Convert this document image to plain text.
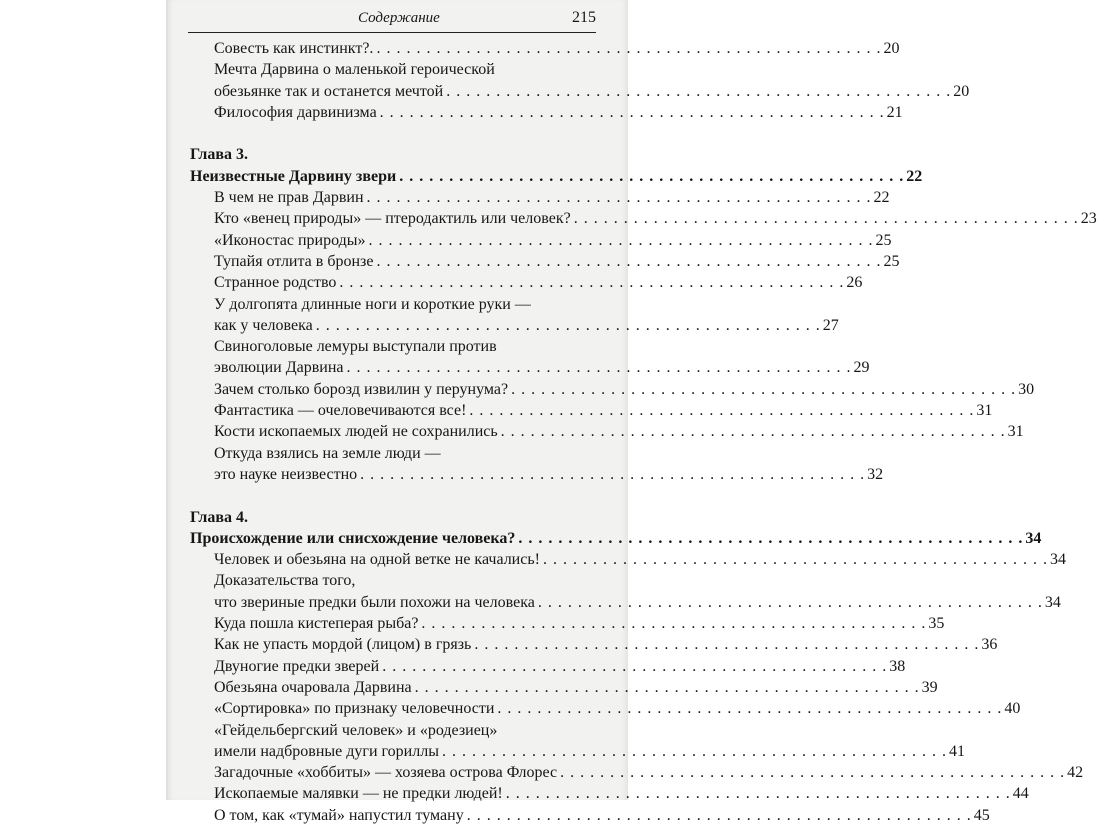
Содержание	215
Совесть как инстинкт?. . . . . . . . . . . . . . . . . . . . . . . . . . . . . . . . . . . . . . . . . . . . . . . . . . . . 20
Мечта Дарвина о маленькой героической
обезьянке так и останется мечтой . . . . . . . . . . . . . . . . . . . . . . . . . . . . . . . . . . . . . . . . . . . . . . . . . . . 20
Философия дарвинизма . . . . . . . . . . . . . . . . . . . . . . . . . . . . . . . . . . . . . . . . . . . . . . . . . . . 21
Глава 3.
Неизвестные Дарвину звери . . . . . . . . . . . . . . . . . . . . . . . . . . . . . . . . . . . . . . . . . . . . . . . . . . . 22
В чем не прав Дарвин . . . . . . . . . . . . . . . . . . . . . . . . . . . . . . . . . . . . . . . . . . . . . . . . . . . 22
Кто «венец природы» — птеродактиль или человек? . . . . . . . . . . . . . . . . . . . . . . . . . . . . . . . . . . . . . . . . . . . . . . . . . . . 23
«Иконостас природы» . . . . . . . . . . . . . . . . . . . . . . . . . . . . . . . . . . . . . . . . . . . . . . . . . . . 25
Тупайя отлита в бронзе . . . . . . . . . . . . . . . . . . . . . . . . . . . . . . . . . . . . . . . . . . . . . . . . . . . 25
Странное родство . . . . . . . . . . . . . . . . . . . . . . . . . . . . . . . . . . . . . . . . . . . . . . . . . . . 26
У долгопята длинные ноги и короткие руки —
как у человека . . . . . . . . . . . . . . . . . . . . . . . . . . . . . . . . . . . . . . . . . . . . . . . . . . . 27
Свиноголовые лемуры выступали против
эволюции Дарвина . . . . . . . . . . . . . . . . . . . . . . . . . . . . . . . . . . . . . . . . . . . . . . . . . . . 29
Зачем столько борозд извилин у перунума? . . . . . . . . . . . . . . . . . . . . . . . . . . . . . . . . . . . . . . . . . . . . . . . . . . . 30
Фантастика — очеловечиваются все! . . . . . . . . . . . . . . . . . . . . . . . . . . . . . . . . . . . . . . . . . . . . . . . . . . . 31
Кости ископаемых людей не сохранились . . . . . . . . . . . . . . . . . . . . . . . . . . . . . . . . . . . . . . . . . . . . . . . . . . . 31
Откуда взялись на земле люди —
это науке неизвестно . . . . . . . . . . . . . . . . . . . . . . . . . . . . . . . . . . . . . . . . . . . . . . . . . . . 32
Глава 4.
Происхождение или снисхождение человека? . . . . . . . . . . . . . . . . . . . . . . . . . . . . . . . . . . . . . . . . . . . . . . . . . . . 34
Человек и обезьяна на одной ветке не качались! . . . . . . . . . . . . . . . . . . . . . . . . . . . . . . . . . . . . . . . . . . . . . . . . . . . 34
Доказательства того,
что звериные предки были похожи на человека . . . . . . . . . . . . . . . . . . . . . . . . . . . . . . . . . . . . . . . . . . . . . . . . . . . 34
Куда пошла кистеперая рыба? . . . . . . . . . . . . . . . . . . . . . . . . . . . . . . . . . . . . . . . . . . . . . . . . . . . 35
Как не упасть мордой (лицом) в грязь . . . . . . . . . . . . . . . . . . . . . . . . . . . . . . . . . . . . . . . . . . . . . . . . . . . 36
Двуногие предки зверей . . . . . . . . . . . . . . . . . . . . . . . . . . . . . . . . . . . . . . . . . . . . . . . . . . . 38
Обезьяна очаровала Дарвина . . . . . . . . . . . . . . . . . . . . . . . . . . . . . . . . . . . . . . . . . . . . . . . . . . . 39
«Сортировка» по признаку человечности . . . . . . . . . . . . . . . . . . . . . . . . . . . . . . . . . . . . . . . . . . . . . . . . . . . 40
«Гейдельбергский человек» и «родезиец»
имели надбровные дуги гориллы . . . . . . . . . . . . . . . . . . . . . . . . . . . . . . . . . . . . . . . . . . . . . . . . . . . 41
Загадочные «хоббиты» — хозяева острова Флорес . . . . . . . . . . . . . . . . . . . . . . . . . . . . . . . . . . . . . . . . . . . . . . . . . . . 42
Ископаемые малявки — не предки людей! . . . . . . . . . . . . . . . . . . . . . . . . . . . . . . . . . . . . . . . . . . . . . . . . . . . 44
О том, как «тумай» напустил туману . . . . . . . . . . . . . . . . . . . . . . . . . . . . . . . . . . . . . . . . . . . . . . . . . . . 45
